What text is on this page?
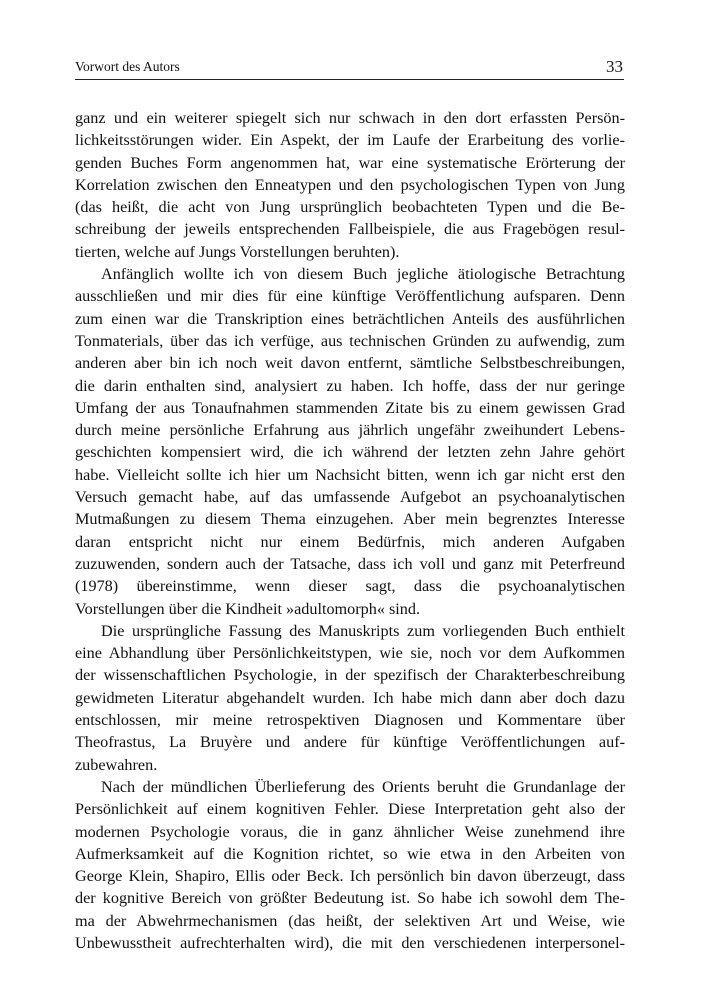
Vorwort des Autors	33
ganz und ein weiterer spiegelt sich nur schwach in den dort erfassten Persön-
lichkeitsstörungen wider. Ein Aspekt, der im Laufe der Erarbeitung des vorlie-
genden Buches Form angenommen hat, war eine systematische Erörterung der
Korrelation zwischen den Enneatypen und den psychologischen Typen von Jung
(das heißt, die acht von Jung ursprünglich beobachteten Typen und die Be-
schreibung der jeweils entsprechenden Fallbeispiele, die aus Fragebögen resul-
tierten, welche auf Jungs Vorstellungen beruhten).
Anfänglich wollte ich von diesem Buch jegliche ätiologische Betrachtung
ausschließen und mir dies für eine künftige Veröffentlichung aufsparen. Denn
zum einen war die Transkription eines beträchtlichen Anteils des ausführlichen
Tonmaterials, über das ich verfüge, aus technischen Gründen zu aufwendig, zum
anderen aber bin ich noch weit davon entfernt, sämtliche Selbstbeschreibungen,
die darin enthalten sind, analysiert zu haben. Ich hoffe, dass der nur geringe
Umfang der aus Tonaufnahmen stammenden Zitate bis zu einem gewissen Grad
durch meine persönliche Erfahrung aus jährlich ungefähr zweihundert Lebens-
geschichten kompensiert wird, die ich während der letzten zehn Jahre gehört
habe. Vielleicht sollte ich hier um Nachsicht bitten, wenn ich gar nicht erst den
Versuch gemacht habe, auf das umfassende Aufgebot an psychoanalytischen
Mutmaßungen zu diesem Thema einzugehen. Aber mein begrenztes Interesse
daran entspricht nicht nur einem Bedürfnis, mich anderen Aufgaben
zuzuwenden, sondern auch der Tatsache, dass ich voll und ganz mit Peterfreund
(1978) übereinstimme, wenn dieser sagt, dass die psychoanalytischen
Vorstellungen über die Kindheit »adultomorph« sind.
Die ursprüngliche Fassung des Manuskripts zum vorliegenden Buch enthielt
eine Abhandlung über Persönlichkeitstypen, wie sie, noch vor dem Aufkommen
der wissenschaftlichen Psychologie, in der spezifisch der Charakterbeschreibung
gewidmeten Literatur abgehandelt wurden. Ich habe mich dann aber doch dazu
entschlossen, mir meine retrospektiven Diagnosen und Kommentare über
Theofrastus, La Bruyère und andere für künftige Veröffentlichungen auf-
zubewahren.
Nach der mündlichen Überlieferung des Orients beruht die Grundanlage der
Persönlichkeit auf einem kognitiven Fehler. Diese Interpretation geht also der
modernen Psychologie voraus, die in ganz ähnlicher Weise zunehmend ihre
Aufmerksamkeit auf die Kognition richtet, so wie etwa in den Arbeiten von
George Klein, Shapiro, Ellis oder Beck. Ich persönlich bin davon überzeugt, dass
der kognitive Bereich von größter Bedeutung ist. So habe ich sowohl dem The-
ma der Abwehrmechanismen (das heißt, der selektiven Art und Weise, wie
Unbewusstheit aufrechterhalten wird), die mit den verschiedenen interpersonel-
